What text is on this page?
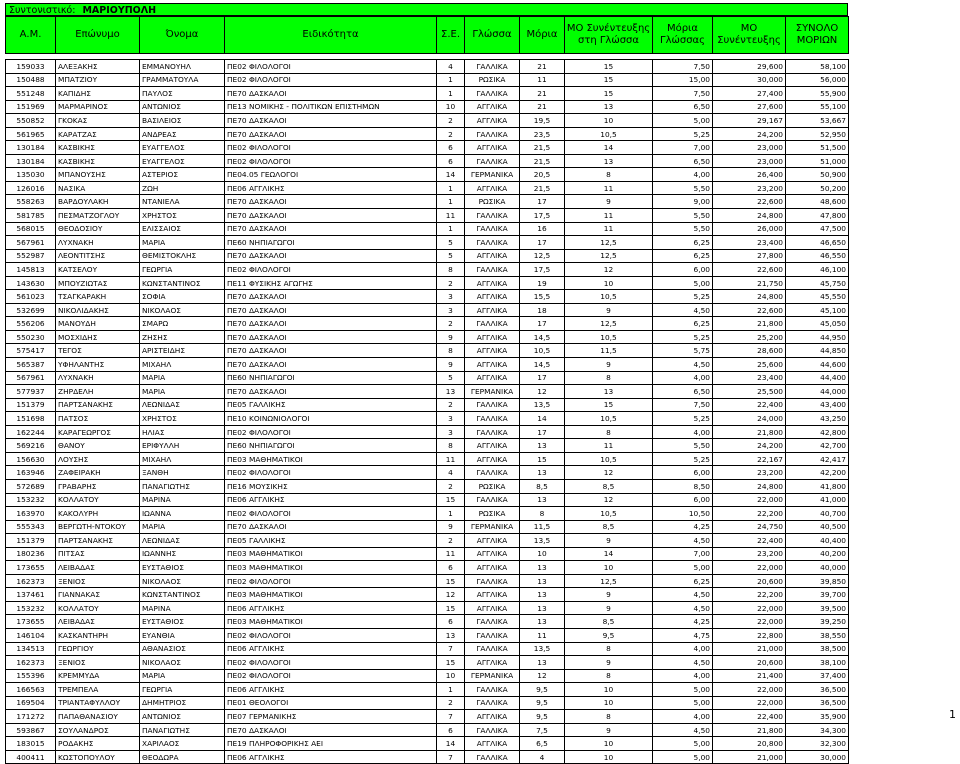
Συντονιστικό: ΜΑΡΙΟΥΠΟΛΗ
Α.Μ.	Επώνυμο	Όνομα	Ειδικότητα	Σ.Ε.	Γλώσσα	Μόρια	ΜΟ Συνέντευξης στη Γλώσσα	Μόρια Γλώσσας	ΜΟ Συνέντευξης	ΣΥΝΟΛΟ ΜΟΡΙΩΝ

159033	ΑΛΕΞΑΚΗΣ	ΕΜΜΑΝΟΥΗΛ	ΠΕ02 ΦΙΛΟΛΟΓΟΙ	4	ΓΑΛΛΙΚΑ	21	15	7,50	29,600	58,100
150488	ΜΠΑΤΖΙΟΥ	ΓΡΑΜΜΑΤΟΥΛΑ	ΠΕ02 ΦΙΛΟΛΟΓΟΙ	1	ΡΩΣΙΚΑ	11	15	15,00	30,000	56,000
551248	ΚΑΠΙΔΗΣ	ΠΑΥΛΟΣ	ΠΕ70 ΔΑΣΚΑΛΟΙ	1	ΓΑΛΛΙΚΑ	21	15	7,50	27,400	55,900
151969	ΜΑΡΜΑΡΙΝΟΣ	ΑΝΤΩΝΙΟΣ	ΠΕ13 ΝΟΜΙΚΗΣ - ΠΟΛΙΤΙΚΩΝ ΕΠΙΣΤΗΜΩΝ	10	ΑΓΓΛΙΚΑ	21	13	6,50	27,600	55,100
550852	ΓΚΟΚΑΣ	ΒΑΣΙΛΕΙΟΣ	ΠΕ70 ΔΑΣΚΑΛΟΙ	2	ΑΓΓΛΙΚΑ	19,5	10	5,00	29,167	53,667
561965	ΚΑΡΑΤΖΑΣ	ΑΝΔΡΕΑΣ	ΠΕ70 ΔΑΣΚΑΛΟΙ	2	ΓΑΛΛΙΚΑ	23,5	10,5	5,25	24,200	52,950
130184	ΚΑΣΒΙΚΗΣ	ΕΥΑΓΓΕΛΟΣ	ΠΕ02 ΦΙΛΟΛΟΓΟΙ	6	ΑΓΓΛΙΚΑ	21,5	14	7,00	23,000	51,500
130184	ΚΑΣΒΙΚΗΣ	ΕΥΑΓΓΕΛΟΣ	ΠΕ02 ΦΙΛΟΛΟΓΟΙ	6	ΓΑΛΛΙΚΑ	21,5	13	6,50	23,000	51,000
135030	ΜΠΑΝΟΥΣΗΣ	ΑΣΤΕΡΙΟΣ	ΠΕ04.05 ΓΕΩΛΟΓΟΙ	14	ΓΕΡΜΑΝΙΚΑ	20,5	8	4,00	26,400	50,900
126016	ΝΑΣΙΚΑ	ΖΩΗ	ΠΕ06 ΑΓΓΛΙΚΗΣ	1	ΑΓΓΛΙΚΑ	21,5	11	5,50	23,200	50,200
558263	ΒΑΡΔΟΥΛΑΚΗ	ΝΤΑΝΙΕΛΑ	ΠΕ70 ΔΑΣΚΑΛΟΙ	1	ΡΩΣΙΚΑ	17	9	9,00	22,600	48,600
581785	ΠΕΣΜΑΤΖΟΓΛΟΥ	ΧΡΗΣΤΟΣ	ΠΕ70 ΔΑΣΚΑΛΟΙ	11	ΓΑΛΛΙΚΑ	17,5	11	5,50	24,800	47,800
568015	ΘΕΟΔΟΣΙΟΥ	ΕΛΙΣΣΑΙΟΣ	ΠΕ70 ΔΑΣΚΑΛΟΙ	1	ΓΑΛΛΙΚΑ	16	11	5,50	26,000	47,500
567961	ΛΥΧΝΑΚΗ	ΜΑΡΙΑ	ΠΕ60 ΝΗΠΙΑΓΩΓΟΙ	5	ΓΑΛΛΙΚΑ	17	12,5	6,25	23,400	46,650
552987	ΛΕΟΝΤΙΤΣΗΣ	ΘΕΜΙΣΤΟΚΛΗΣ	ΠΕ70 ΔΑΣΚΑΛΟΙ	5	ΑΓΓΛΙΚΑ	12,5	12,5	6,25	27,800	46,550
145813	ΚΑΤΣΕΛΟΥ	ΓΕΩΡΓΙΑ	ΠΕ02 ΦΙΛΟΛΟΓΟΙ	8	ΓΑΛΛΙΚΑ	17,5	12	6,00	22,600	46,100
143630	ΜΠΟΥΖΙΩΤΑΣ	ΚΩΝΣΤΑΝΤΙΝΟΣ	ΠΕ11 ΦΥΣΙΚΗΣ ΑΓΩΓΗΣ	2	ΑΓΓΛΙΚΑ	19	10	5,00	21,750	45,750
561023	ΤΣΑΓΚΑΡΑΚΗ	ΣΟΦΙΑ	ΠΕ70 ΔΑΣΚΑΛΟΙ	3	ΑΓΓΛΙΚΑ	15,5	10,5	5,25	24,800	45,550
532699	ΝΙΚΟΛΙΔΑΚΗΣ	ΝΙΚΟΛΑΟΣ	ΠΕ70 ΔΑΣΚΑΛΟΙ	3	ΑΓΓΛΙΚΑ	18	9	4,50	22,600	45,100
556206	ΜΑΝΟΥΔΗ	ΣΜΑΡΩ	ΠΕ70 ΔΑΣΚΑΛΟΙ	2	ΓΑΛΛΙΚΑ	17	12,5	6,25	21,800	45,050
550230	ΜΟΣΧΙΔΗΣ	ΖΗΣΗΣ	ΠΕ70 ΔΑΣΚΑΛΟΙ	9	ΑΓΓΛΙΚΑ	14,5	10,5	5,25	25,200	44,950
575417	ΤΕΓΟΣ	ΑΡΙΣΤΕΙΔΗΣ	ΠΕ70 ΔΑΣΚΑΛΟΙ	8	ΑΓΓΛΙΚΑ	10,5	11,5	5,75	28,600	44,850
565387	ΥΦΗΛΑΝΤΗΣ	ΜΙΧΑΗΛ	ΠΕ70 ΔΑΣΚΑΛΟΙ	9	ΑΓΓΛΙΚΑ	14,5	9	4,50	25,600	44,600
567961	ΛΥΧΝΑΚΗ	ΜΑΡΙΑ	ΠΕ60 ΝΗΠΙΑΓΩΓΟΙ	5	ΑΓΓΛΙΚΑ	17	8	4,00	23,400	44,400
577937	ΖΗΡΔΕΛΗ	ΜΑΡΙΑ	ΠΕ70 ΔΑΣΚΑΛΟΙ	13	ΓΕΡΜΑΝΙΚΑ	12	13	6,50	25,500	44,000
151379	ΠΑΡΤΣΑΝΑΚΗΣ	ΛΕΩΝΙΔΑΣ	ΠΕ05 ΓΑΛΛΙΚΗΣ	2	ΓΑΛΛΙΚΑ	13,5	15	7,50	22,400	43,400
151698	ΠΑΤΣΟΣ	ΧΡΗΣΤΟΣ	ΠΕ10 ΚΟΙΝΩΝΙΟΛΟΓΟΙ	3	ΓΑΛΛΙΚΑ	14	10,5	5,25	24,000	43,250
162244	ΚΑΡΑΓΕΩΡΓΟΣ	ΗΛΙΑΣ	ΠΕ02 ΦΙΛΟΛΟΓΟΙ	3	ΓΑΛΛΙΚΑ	17	8	4,00	21,800	42,800
569216	ΘΑΝΟΥ	ΕΡΙΦΥΛΛΗ	ΠΕ60 ΝΗΠΙΑΓΩΓΟΙ	8	ΑΓΓΛΙΚΑ	13	11	5,50	24,200	42,700
156630	ΛΟΥΣΗΣ	ΜΙΧΑΗΛ	ΠΕ03 ΜΑΘΗΜΑΤΙΚΟΙ	11	ΑΓΓΛΙΚΑ	15	10,5	5,25	22,167	42,417
163946	ΖΑΦΕΙΡΑΚΗ	ΞΑΝΘΗ	ΠΕ02 ΦΙΛΟΛΟΓΟΙ	4	ΓΑΛΛΙΚΑ	13	12	6,00	23,200	42,200
572689	ΓΡΑΒΑΡΗΣ	ΠΑΝΑΓΙΩΤΗΣ	ΠΕ16 ΜΟΥΣΙΚΗΣ	2	ΡΩΣΙΚΑ	8,5	8,5	8,50	24,800	41,800
153232	ΚΟΛΛΑΤΟΥ	ΜΑΡΙΝΑ	ΠΕ06 ΑΓΓΛΙΚΗΣ	15	ΓΑΛΛΙΚΑ	13	12	6,00	22,000	41,000
163970	ΚΑΚΟΛΥΡΗ	ΙΩΑΝΝΑ	ΠΕ02 ΦΙΛΟΛΟΓΟΙ	1	ΡΩΣΙΚΑ	8	10,5	10,50	22,200	40,700
555343	ΒΕΡΓΩΤΗ-ΝΤΟΚΟΥ	ΜΑΡΙΑ	ΠΕ70 ΔΑΣΚΑΛΟΙ	9	ΓΕΡΜΑΝΙΚΑ	11,5	8,5	4,25	24,750	40,500
151379	ΠΑΡΤΣΑΝΑΚΗΣ	ΛΕΩΝΙΔΑΣ	ΠΕ05 ΓΑΛΛΙΚΗΣ	2	ΑΓΓΛΙΚΑ	13,5	9	4,50	22,400	40,400
180236	ΠΙΤΣΑΣ	ΙΩΑΝΝΗΣ	ΠΕ03 ΜΑΘΗΜΑΤΙΚΟΙ	11	ΑΓΓΛΙΚΑ	10	14	7,00	23,200	40,200
173655	ΛΕΙΒΑΔΑΣ	ΕΥΣΤΑΘΙΟΣ	ΠΕ03 ΜΑΘΗΜΑΤΙΚΟΙ	6	ΑΓΓΛΙΚΑ	13	10	5,00	22,000	40,000
162373	ΞΕΝΙΟΣ	ΝΙΚΟΛΑΟΣ	ΠΕ02 ΦΙΛΟΛΟΓΟΙ	15	ΓΑΛΛΙΚΑ	13	12,5	6,25	20,600	39,850
137461	ΓΙΑΝΝΑΚΑΣ	ΚΩΝΣΤΑΝΤΙΝΟΣ	ΠΕ03 ΜΑΘΗΜΑΤΙΚΟΙ	12	ΑΓΓΛΙΚΑ	13	9	4,50	22,200	39,700
153232	ΚΟΛΛΑΤΟΥ	ΜΑΡΙΝΑ	ΠΕ06 ΑΓΓΛΙΚΗΣ	15	ΑΓΓΛΙΚΑ	13	9	4,50	22,000	39,500
173655	ΛΕΙΒΑΔΑΣ	ΕΥΣΤΑΘΙΟΣ	ΠΕ03 ΜΑΘΗΜΑΤΙΚΟΙ	6	ΓΑΛΛΙΚΑ	13	8,5	4,25	22,000	39,250
146104	ΚΑΣΚΑΝΤΗΡΗ	ΕΥΑΝΘΙΑ	ΠΕ02 ΦΙΛΟΛΟΓΟΙ	13	ΓΑΛΛΙΚΑ	11	9,5	4,75	22,800	38,550
134513	ΓΕΩΡΓΙΟΥ	ΑΘΑΝΑΣΙΟΣ	ΠΕ06 ΑΓΓΛΙΚΗΣ	7	ΓΑΛΛΙΚΑ	13,5	8	4,00	21,000	38,500
162373	ΞΕΝΙΟΣ	ΝΙΚΟΛΑΟΣ	ΠΕ02 ΦΙΛΟΛΟΓΟΙ	15	ΑΓΓΛΙΚΑ	13	9	4,50	20,600	38,100
155396	ΚΡΕΜΜΥΔΑ	ΜΑΡΙΑ	ΠΕ02 ΦΙΛΟΛΟΓΟΙ	10	ΓΕΡΜΑΝΙΚΑ	12	8	4,00	21,400	37,400
166563	ΤΡΕΜΠΕΛΑ	ΓΕΩΡΓΙΑ	ΠΕ06 ΑΓΓΛΙΚΗΣ	1	ΓΑΛΛΙΚΑ	9,5	10	5,00	22,000	36,500
169504	ΤΡΙΑΝΤΑΦΥΛΛΟΥ	ΔΗΜΗΤΡΙΟΣ	ΠΕ01 ΘΕΟΛΟΓΟΙ	2	ΓΑΛΛΙΚΑ	9,5	10	5,00	22,000	36,500
171272	ΠΑΠΑΘΑΝΑΣΙΟΥ	ΑΝΤΩΝΙΟΣ	ΠΕ07 ΓΕΡΜΑΝΙΚΗΣ	7	ΑΓΓΛΙΚΑ	9,5	8	4,00	22,400	35,900
593867	ΣΟΥΛΑΝΔΡΟΣ	ΠΑΝΑΓΙΩΤΗΣ	ΠΕ70 ΔΑΣΚΑΛΟΙ	6	ΓΑΛΛΙΚΑ	7,5	9	4,50	21,800	34,300
183015	ΡΟΔΑΚΗΣ	ΧΑΡΙΛΑΟΣ	ΠΕ19 ΠΛΗΡΟΦΟΡΙΚΗΣ ΑΕΙ	14	ΑΓΓΛΙΚΑ	6,5	10	5,00	20,800	32,300
400411	ΚΩΣΤΟΠΟΥΛΟΥ	ΘΕΟΔΩΡΑ	ΠΕ06 ΑΓΓΛΙΚΗΣ	7	ΓΑΛΛΙΚΑ	4	10	5,00	21,000	30,000
1
